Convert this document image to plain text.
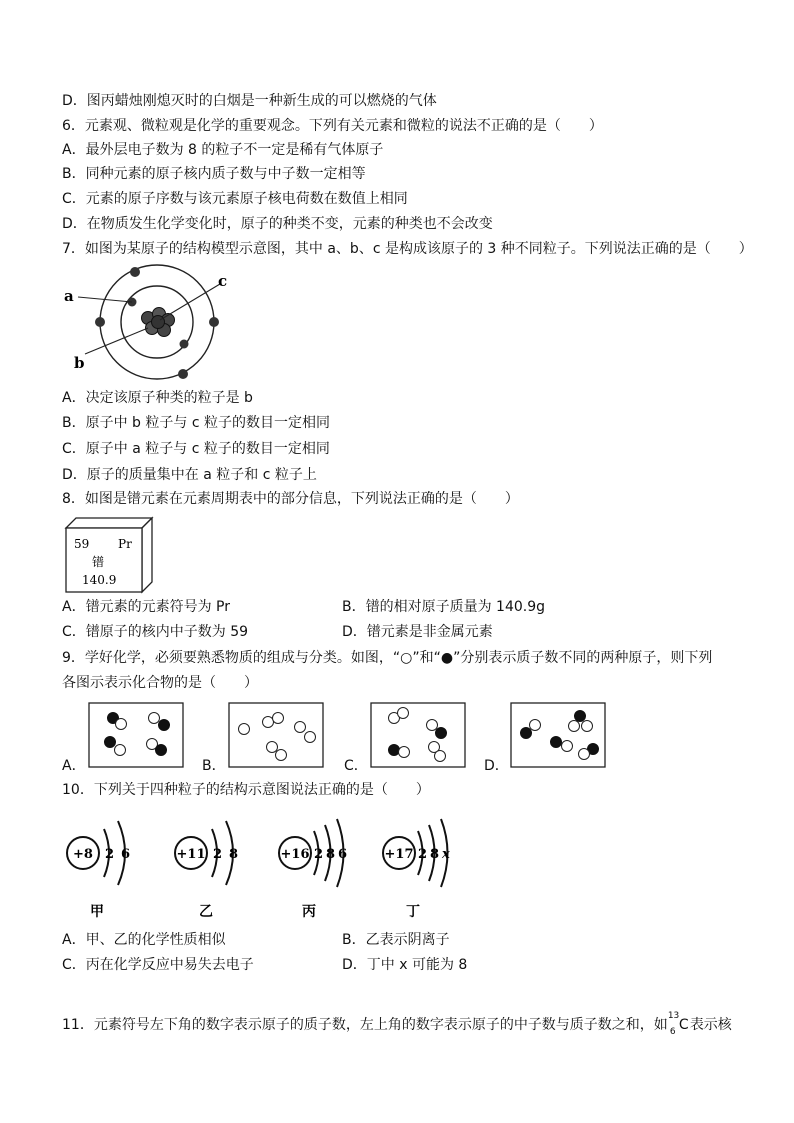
D．图丙蜡烛刚熄灭时的白烟是一种新生成的可以燃烧的气体
6．元素观、微粒观是化学的重要观念。下列有关元素和微粒的说法不正确的是（　　）
A．最外层电子数为 8 的粒子不一定是稀有气体原子
B．同种元素的原子核内质子数与中子数一定相等
C．元素的原子序数与该元素原子核电荷数在数值上相同
D．在物质发生化学变化时，原子的种类不变，元素的种类也不会改变
7．如图为某原子的结构模型示意图，其中 a、b、c 是构成该原子的 3 种不同粒子。下列说法正确的是（　　）
a
b
c
A．决定该原子种类的粒子是 b
B．原子中 b 粒子与 c 粒子的数目一定相同
C．原子中 a 粒子与 c 粒子的数目一定相同
D．原子的质量集中在 a 粒子和 c 粒子上
8．如图是镨元素在元素周期表中的部分信息，下列说法正确的是（　　）
59 Pr
镨
140.9
A．镨元素的元素符号为 Pr	B．镨的相对原子质量为 140.9g
C．镨原子的核内中子数为 59	D．镨元素是非金属元素
9．学好化学，必须要熟悉物质的组成与分类。如图，“○”和“●”分别表示质子数不同的两种原子，则下列
各图示表示化合物的是（　　）
A．	B．	C．	D．
10．下列关于四种粒子的结构示意图说法正确的是（　　）
+8 2 6
甲
+11 2 8
乙
+16 2 8 6
丙
+17 2 8 x
丁
A．甲、乙的化学性质相似	B．乙表示阴离子
C．丙在化学反应中易失去电子	D．丁中 x 可能为 8
11．元素符号左下角的数字表示原子的质子数，左上角的数字表示原子的中子数与质子数之和，如
13
6 C 表示核
